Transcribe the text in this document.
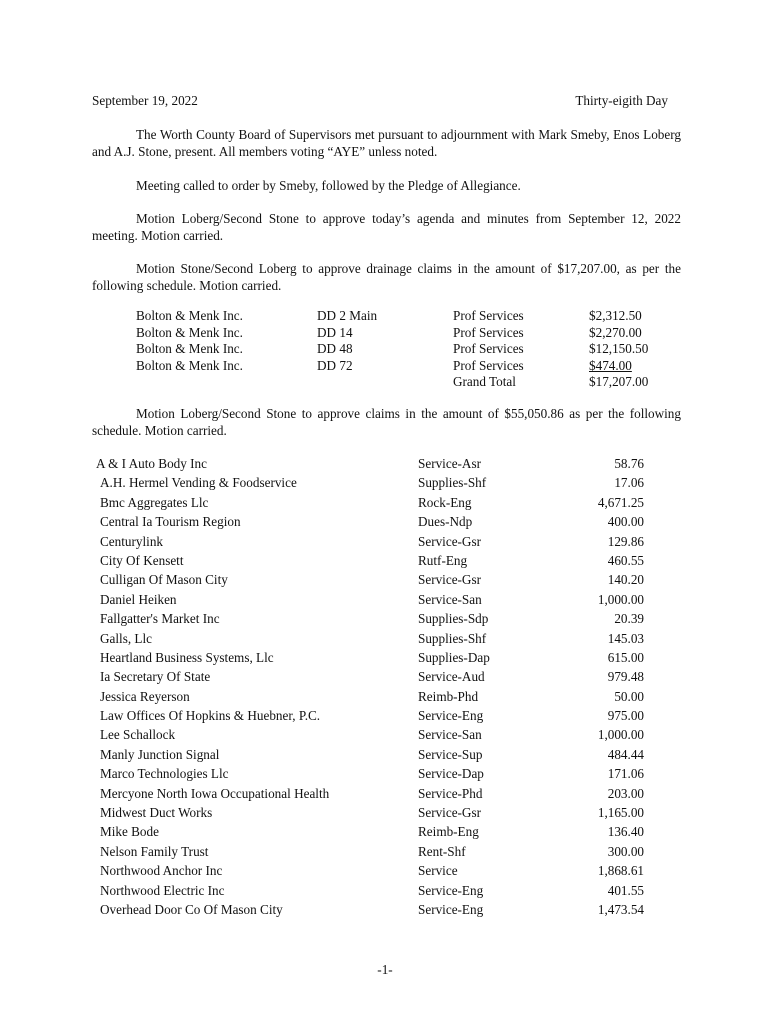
September 19, 2022	Thirty-eigith Day
The Worth County Board of Supervisors met pursuant to adjournment with Mark Smeby, Enos Loberg and A.J. Stone, present. All members voting “AYE” unless noted.
Meeting called to order by Smeby, followed by the Pledge of Allegiance.
Motion Loberg/Second Stone to approve today’s agenda and minutes from September 12, 2022 meeting. Motion carried.
Motion Stone/Second Loberg to approve drainage claims in the amount of $17,207.00, as per the following schedule. Motion carried.
Bolton & Menk Inc.	DD 2 Main	Prof Services	$2,312.50
Bolton & Menk Inc.	DD 14	Prof Services	$2,270.00
Bolton & Menk Inc.	DD 48	Prof Services	$12,150.50
Bolton & Menk Inc.	DD 72	Prof Services	$474.00
Grand Total	$17,207.00
Motion Loberg/Second Stone to approve claims in the amount of $55,050.86 as per the following schedule. Motion carried.
A & I Auto Body Inc	Service-Asr	58.76
A.H. Hermel Vending & Foodservice	Supplies-Shf	17.06
Bmc Aggregates Llc	Rock-Eng	4,671.25
Central Ia Tourism Region	Dues-Ndp	400.00
Centurylink	Service-Gsr	129.86
City Of Kensett	Rutf-Eng	460.55
Culligan Of Mason City	Service-Gsr	140.20
Daniel Heiken	Service-San	1,000.00
Fallgatter's Market Inc	Supplies-Sdp	20.39
Galls, Llc	Supplies-Shf	145.03
Heartland Business Systems, Llc	Supplies-Dap	615.00
Ia Secretary Of State	Service-Aud	979.48
Jessica Reyerson	Reimb-Phd	50.00
Law Offices Of Hopkins & Huebner, P.C.	Service-Eng	975.00
Lee Schallock	Service-San	1,000.00
Manly Junction Signal	Service-Sup	484.44
Marco Technologies Llc	Service-Dap	171.06
Mercyone North Iowa Occupational Health	Service-Phd	203.00
Midwest Duct Works	Service-Gsr	1,165.00
Mike Bode	Reimb-Eng	136.40
Nelson Family Trust	Rent-Shf	300.00
Northwood Anchor Inc	Service	1,868.61
Northwood Electric Inc	Service-Eng	401.55
Overhead Door Co Of Mason City	Service-Eng	1,473.54
-1-
